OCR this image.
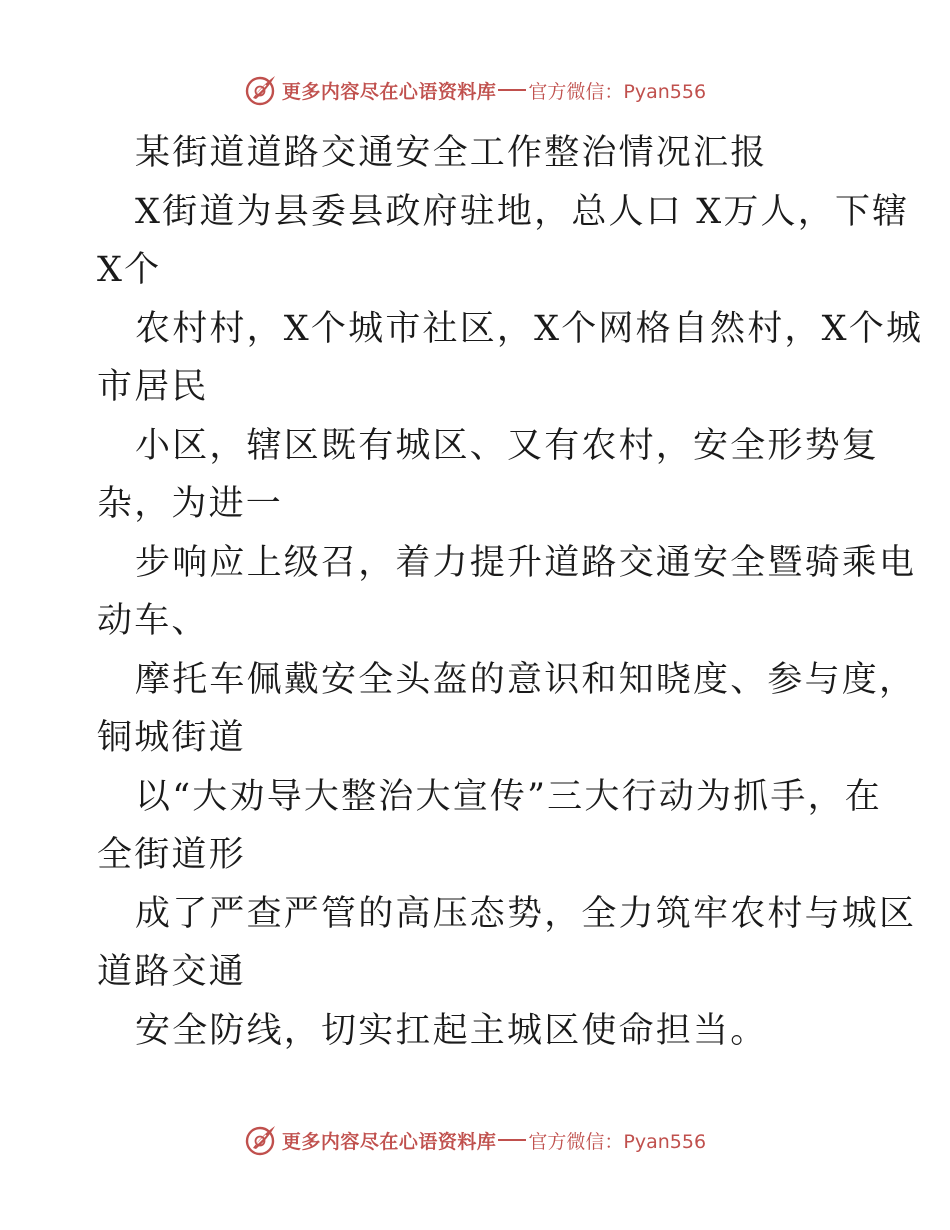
更多内容尽在心语资料库 官方微信：Pyan556
某街道道路交通安全工作整治情况汇报
X街道为县委县政府驻地，总人口 X万人，下辖
X个
农村村，X个城市社区，X个网格自然村，X个城
市居民
小区，辖区既有城区、又有农村，安全形势复
杂，为进一
步响应上级召，着力提升道路交通安全暨骑乘电
动车、
摩托车佩戴安全头盔的意识和知晓度、参与度，
铜城街道
以“大劝导大整治大宣传”三大行动为抓手，在
全街道形
成了严查严管的高压态势，全力筑牢农村与城区
道路交通
安全防线，切实扛起主城区使命担当。
更多内容尽在心语资料库 官方微信：Pyan556
